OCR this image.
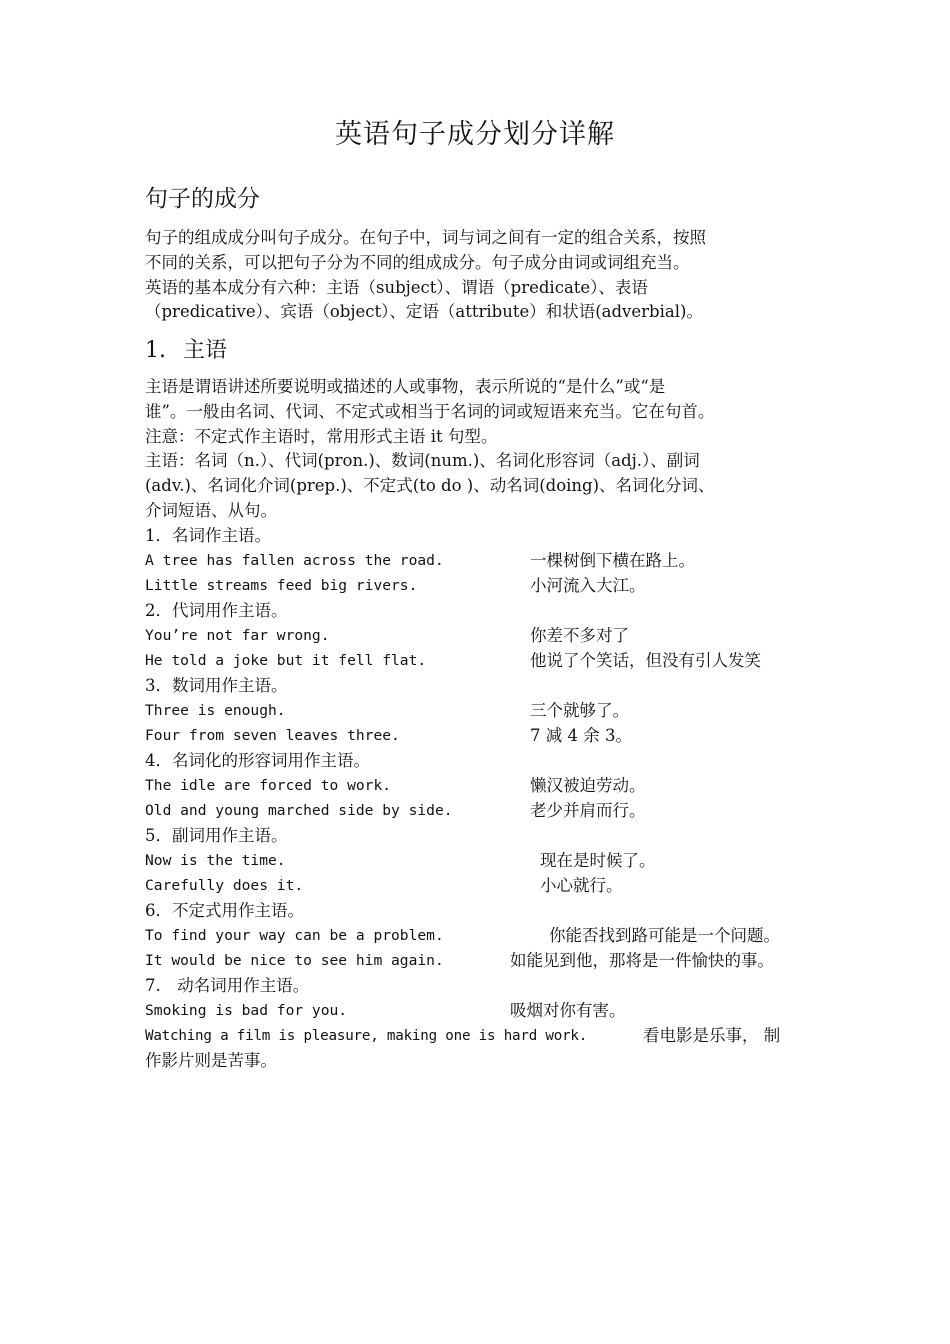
英语句子成分划分详解
句子的成分
句子的组成成分叫句子成分。在句子中，词与词之间有一定的组合关系，按照
不同的关系，可以把句子分为不同的组成成分。句子成分由词或词组充当。
英语的基本成分有六种：主语（subject）、谓语（predicate）、表语
（predicative）、宾语（object）、定语（attribute）和状语(adverbial)。
1. 主语
主语是谓语讲述所要说明或描述的人或事物，表示所说的“是什么”或“是
谁”。一般由名词、代词、不定式或相当于名词的词或短语来充当。它在句首。
注意：不定式作主语时，常用形式主语 it 句型。
主语：名词（n.）、代词(pron.)、数词(num.)、名词化形容词（adj.）、副词
(adv.)、名词化介词(prep.)、不定式(to do )、动名词(doing)、名词化分词、
介词短语、从句。
1．名词作主语。
A tree has fallen across the road.	一棵树倒下横在路上。
Little streams feed big rivers.	小河流入大江。
2．代词用作主语。
You’re not far wrong.	你差不多对了
He told a joke but it fell flat.	他说了个笑话，但没有引人发笑
3．数词用作主语。
Three is enough.	三个就够了。
Four from seven leaves three.	7 减 4 余 3。
4．名词化的形容词用作主语。
The idle are forced to work.	懒汉被迫劳动。
Old and young marched side by side.	老少并肩而行。
5．副词用作主语。
Now is the time.	现在是时候了。
Carefully does it.	小心就行。
6．不定式用作主语。
To find your way can be a problem.	你能否找到路可能是一个问题。
It would be nice to see him again.	如能见到他，那将是一件愉快的事。
7.　动名词用作主语。
Smoking is bad for you.	吸烟对你有害。
Watching a film is pleasure, making one is hard work.	看电影是乐事， 制
作影片则是苦事。
